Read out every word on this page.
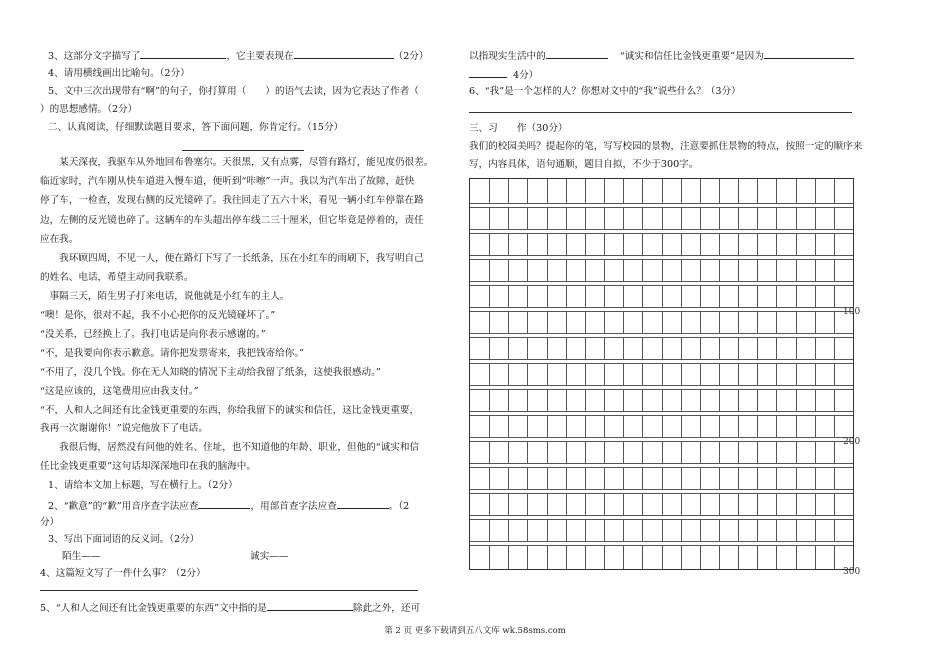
3、这部分文字描写了	，它主要表现在	（2分）
4、请用横线画出比喻句。（2分）
5、文中三次出现带有“啊”的句子，你打算用（　　）的语气去读，因为它表达了作者（
）的思想感情。（2分）
二、认真阅读，仔细默读题目要求，答下面问题，你肯定行。（15分）
　　某天深夜，我驱车从外地回布鲁塞尔。天很黑，又有点雾，尽管有路灯，能见度仍很差。
临近家时，汽车刚从快车道进入慢车道，便听到“咔嚓”一声。我以为汽车出了故障，赶快
停了车，一检查，发现右侧的反光镜碎了。我往回走了五六十米，看见一辆小红车停靠在路
边，左侧的反光镜也碎了。这辆车的车头超出停车线二三十厘米，但它毕竟是停着的，责任
应在我。
　　我环顾四周，不见一人，便在路灯下写了一长纸条，压在小红车的雨刷下，我写明自己
的姓名、电话，希望主动同我联系。
　事隔三天，陌生男子打来电话，说他就是小红车的主人。
“噢！是你，很对不起，我不小心把你的反光镜碰坏了。”
“没关系，已经换上了。我打电话是向你表示感谢的。”
“不，是我要向你表示歉意。请你把发票寄来，我把钱寄给你。”
“不用了，没几个钱。你在无人知晓的情况下主动给我留了纸条，这使我很感动。”
“这是应该的，这笔费用应由我支付。”
“不，人和人之间还有比金钱更重要的东西，你给我留下的诚实和信任，这比金钱更重要，
我再一次谢谢你！”说完他放下了电话。
　　我很后悔，居然没有问他的姓名、住址，也不知道他的年龄、职业，但他的“诚实和信
任比金钱更重要”这句话却深深地印在我的脑海中。
1、请给本文加上标题，写在横行上。（2分）
2、“歉意”的“歉”用音序查字法应查	，用部首查字法应查	。（2
分）
3、写出下面词语的反义词。（2分）
陌生——	诚实——
4、这篇短文写了一件什么事？（2分）
5、“人和人之间还有比金钱更重要的东西”文中指的是	除此之外，还可
以指现实生活中的	“诚实和信任比金钱更重要”是因为
4分）
6、“我”是一个怎样的人？你想对文中的“我”说些什么？（3分）
三、习　　作（30分）
我们的校园美吗？提起你的笔，写写校园的景物，注意要抓住景物的特点，按照一定的顺序来
写，内容具体，语句通顺，题目自拟，不少于300字。
100
200
300
第 2 页 更多下载请到五八文库 wk.58sms.com
